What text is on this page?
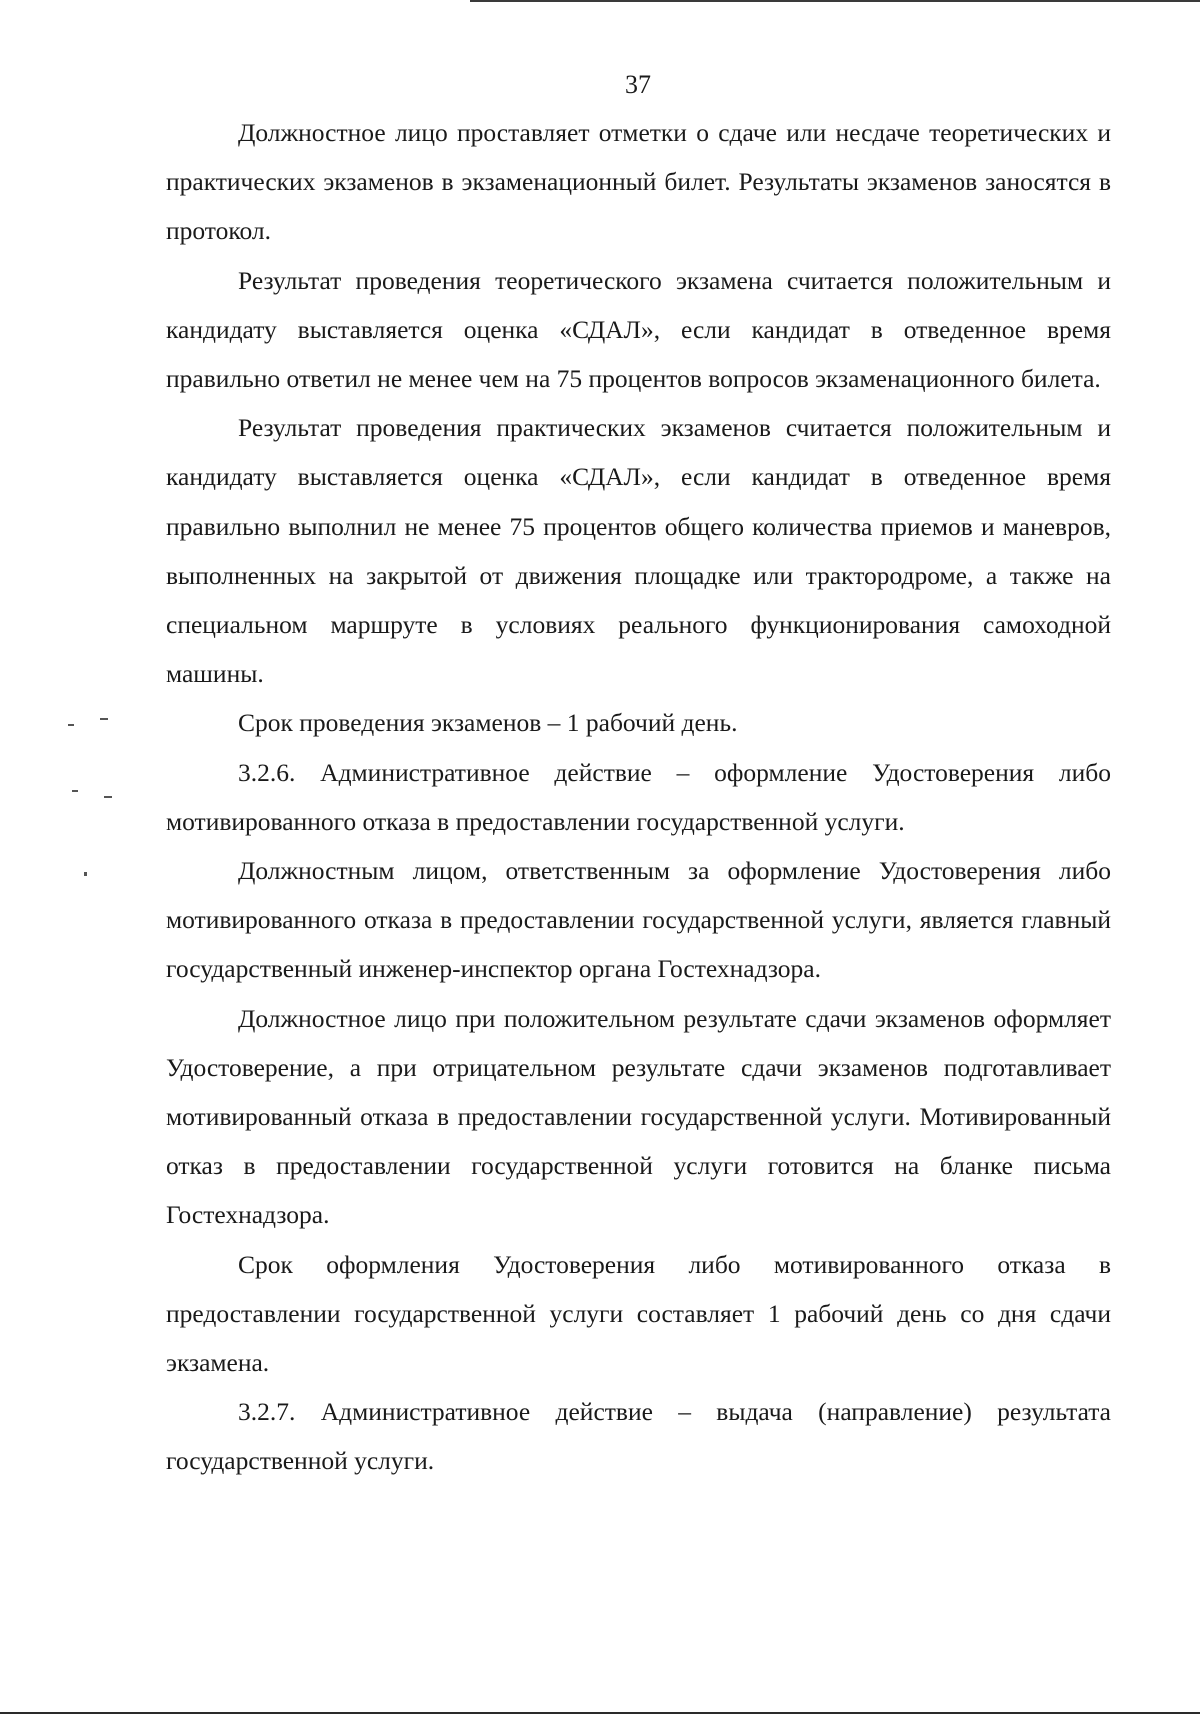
37

Должностное лицо проставляет отметки о сдаче или несдаче теоретических и практических экзаменов в экзаменационный билет. Результаты экзаменов заносятся в протокол.

Результат проведения теоретического экзамена считается положительным и кандидату выставляется оценка «СДАЛ», если кандидат в отведенное время правильно ответил не менее чем на 75 процентов вопросов экзаменационного билета.

Результат проведения практических экзаменов считается положительным и кандидату выставляется оценка «СДАЛ», если кандидат в отведенное время правильно выполнил не менее 75 процентов общего количества приемов и маневров, выполненных на закрытой от движения площадке или трактородроме, а также на специальном маршруте в условиях реального функционирования самоходной машины.

Срок проведения экзаменов – 1 рабочий день.

3.2.6. Административное действие – оформление Удостоверения либо мотивированного отказа в предоставлении государственной услуги.

Должностным лицом, ответственным за оформление Удостоверения либо мотивированного отказа в предоставлении государственной услуги, является главный государственный инженер-инспектор органа Гостехнадзора.

Должностное лицо при положительном результате сдачи экзаменов оформляет Удостоверение, а при отрицательном результате сдачи экзаменов подготавливает мотивированный отказа в предоставлении государственной услуги. Мотивированный отказ в предоставлении государственной услуги готовится на бланке письма Гостехнадзора.

Срок оформления Удостоверения либо мотивированного отказа в предоставлении государственной услуги составляет 1 рабочий день со дня сдачи экзамена.

3.2.7. Административное действие – выдача (направление) результата государственной услуги.
